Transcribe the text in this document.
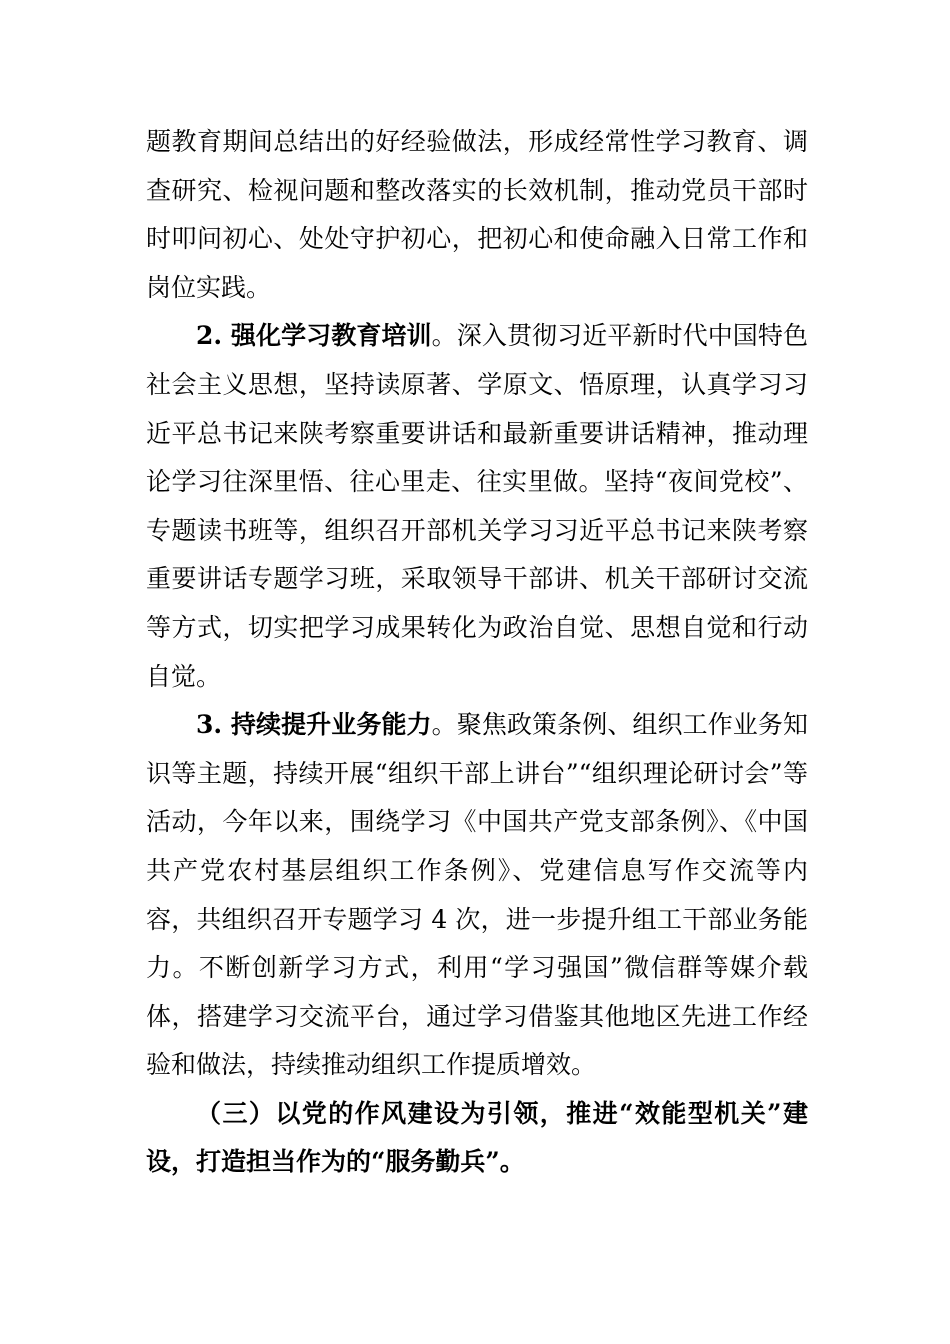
题教育期间总结出的好经验做法，形成经常性学习教育、调查研究、检视问题和整改落实的长效机制，推动党员干部时时叩问初心、处处守护初心，把初心和使命融入日常工作和岗位实践。

2. 强化学习教育培训。深入贯彻习近平新时代中国特色社会主义思想，坚持读原著、学原文、悟原理，认真学习习近平总书记来陕考察重要讲话和最新重要讲话精神，推动理论学习往深里悟、往心里走、往实里做。坚持“夜间党校”、专题读书班等，组织召开部机关学习习近平总书记来陕考察重要讲话专题学习班，采取领导干部讲、机关干部研讨交流等方式，切实把学习成果转化为政治自觉、思想自觉和行动自觉。

3. 持续提升业务能力。聚焦政策条例、组织工作业务知识等主题，持续开展“组织干部上讲台”“组织理论研讨会”等活动，今年以来，围绕学习《中国共产党支部条例》、《中国共产党农村基层组织工作条例》、党建信息写作交流等内容，共组织召开专题学习 4 次，进一步提升组工干部业务能力。不断创新学习方式，利用“学习强国”微信群等媒介载体，搭建学习交流平台，通过学习借鉴其他地区先进工作经验和做法，持续推动组织工作提质增效。

（三）以党的作风建设为引领，推进“效能型机关”建设，打造担当作为的“服务勤兵”。
